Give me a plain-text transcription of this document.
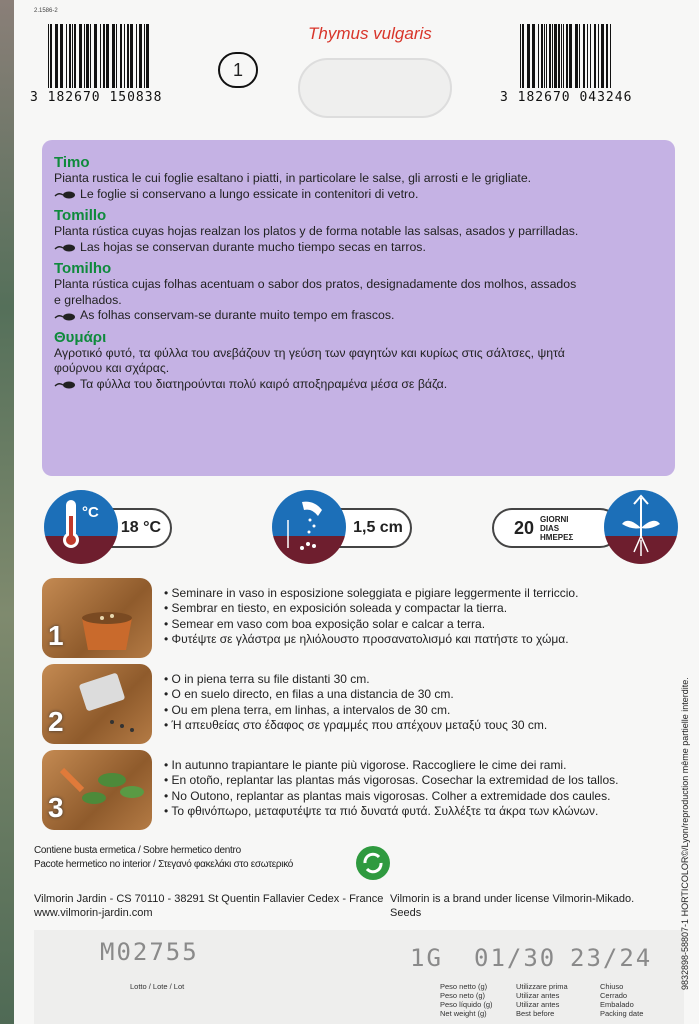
2.1586-2
3 182670 150838
1
Thymus vulgaris
3 182670 043246
Timo

Pianta rustica le cui foglie esaltano i piatti, in particolare le salse, gli arrosti e le grigliate.

Le foglie si conservano a lungo essicate in contenitori di vetro.

Tomillo

Planta rústica cuyas hojas realzan los platos y de forma notable las salsas, asados y parrilladas.

Las hojas se conservan durante mucho tiempo secas en tarros.

Tomilho

Planta rústica cujas folhas acentuam o sabor dos pratos, designadamente dos molhos, assados

e grelhados.

As folhas conservam-se durante muito tempo em frascos.

Θυμάρι

Αγροτικό φυτό, τα φύλλα του ανεβάζουν τη γεύση των φαγητών και κυρίως στις σάλτσες, ψητά

φούρνου και σχάρας.

Τα φύλλα του διατηρούνται πολύ καιρό αποξηραμένα μέσα σε βάζα.

18 °C
°C
1,5 cm	20 GIORNI
DIAS
ΗΜΕΡΕΣ
1
• Seminare in vaso in esposizione soleggiata e pigiare leggermente il terriccio.
• Sembrar en tiesto, en exposición soleada y compactar la tierra.
• Semear em vaso com boa exposição solar e calcar a terra.
• Φυτέψτε σε γλάστρα με ηλιόλουστο προσανατολισμό και πατήστε το χώμα.
2
• O in piena terra su file distanti 30 cm.
• O en suelo directo, en filas a una distancia de 30 cm.
• Ou em plena terra, em linhas, a intervalos de 30 cm.
• Ή απευθείας στο έδαφος σε γραμμές που απέχουν μεταξύ τους 30 cm.
3
• In autunno trapiantare le piante più vigorose. Raccogliere le cime dei rami.
• En otoño, replantar las plantas más vigorosas. Cosechar la extremidad de los tallos.
• No Outono, replantar as plantas mais vigorosas. Colher a extremidade dos caules.
• Το φθινόπωρο, μεταφυτέψτε τα πιό δυνατά φυτά. Συλλέξτε τα άκρα των κλώνων.
Contiene busta ermetica / Sobre hermetico dentro
Pacote hermetico no interior / Στεγανό φακελάκι στο εσωτερικό
Vilmorin Jardin - CS 70110 - 38291 St Quentin Fallavier Cedex - France
www.vilmorin-jardin.com
Vilmorin is a brand under license Vilmorin-Mikado.
Seeds
M02755
Lotto / Lote / Lot
1G 01/30 23/24
Peso netto (g)
Peso neto (g)
Peso líquido (g)
Net weight (g)
Utilizzare prima
Utilizar antes
Utilizar antes
Best before
Chiuso
Cerrado
Embalado
Packing date
9832898-58807-1 HORTICOLOR©/Lyon/reproduction même partielle interdite.
